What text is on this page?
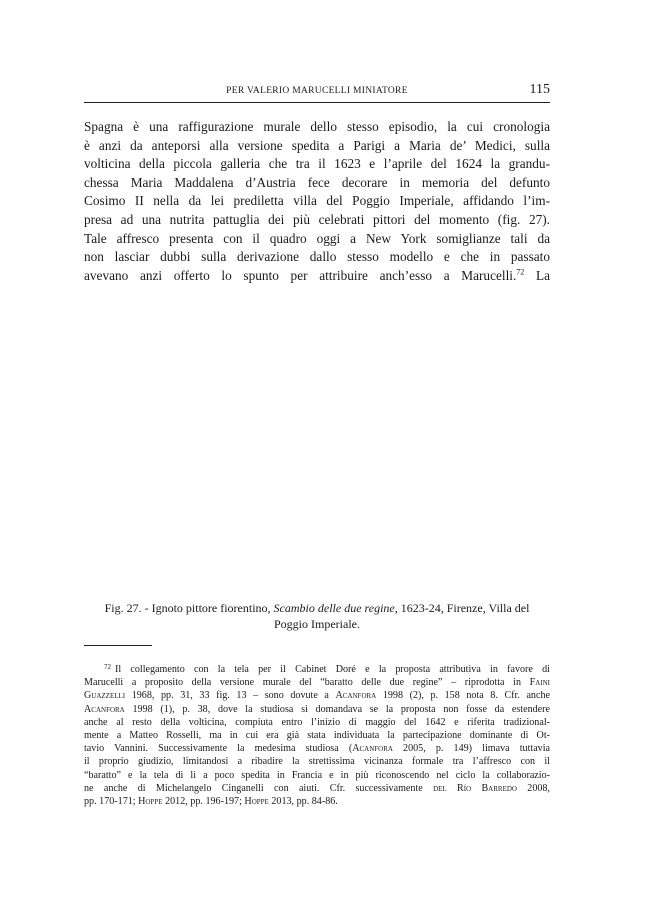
PER VALERIO MARUCELLI MINIATORE	115
Spagna è una raffigurazione murale dello stesso episodio, la cui cronologia
è anzi da anteporsi alla versione spedita a Parigi a Maria de’ Medici, sulla
volticina della piccola galleria che tra il 1623 e l’aprile del 1624 la grandu-
chessa Maria Maddalena d’Austria fece decorare in memoria del defunto
Cosimo II nella da lei prediletta villa del Poggio Imperiale, affidando l’im-
presa ad una nutrita pattuglia dei più celebrati pittori del momento (fig. 27).
Tale affresco presenta con il quadro oggi a New York somiglianze tali da
non lasciar dubbi sulla derivazione dallo stesso modello e che in passato
avevano anzi offerto lo spunto per attribuire anch’esso a Marucelli.$^{72}$ La

Fig. 27. - Ignoto pittore fiorentino, Scambio delle due regine, 1623-24, Firenze, Villa del
Poggio Imperiale.

$^{72}$ Il collegamento con la tela per il Cabinet Doré e la proposta attributiva in favore di
Marucelli a proposito della versione murale del “baratto delle due regine” – riprodotta in Faini
Guazzelli 1968, pp. 31, 33 fig. 13 – sono dovute a Acanfora 1998 (2), p. 158 nota 8. Cfr. anche
Acanfora 1998 (1), p. 38, dove la studiosa si domandava se la proposta non fosse da estendere
anche al resto della volticina, compiuta entro l’inizio di maggio del 1642 e riferita tradizional-
mente a Matteo Rosselli, ma in cui era già stata individuata la partecipazione dominante di Ot-
tavio Vannini. Successivamente la medesima studiosa (Acanfora 2005, p. 149) limava tuttavia
il proprio giudizio, limitandosi a ribadire la strettissima vicinanza formale tra l’affresco con il
“baratto” e la tela di lì a poco spedita in Francia e in più riconoscendo nel ciclo la collaborazio-
ne anche di Michelangelo Cinganelli con aiuti. Cfr. successivamente del Río Barredo 2008,
pp. 170-171; Hoppe 2012, pp. 196-197; Hoppe 2013, pp. 84-86.
